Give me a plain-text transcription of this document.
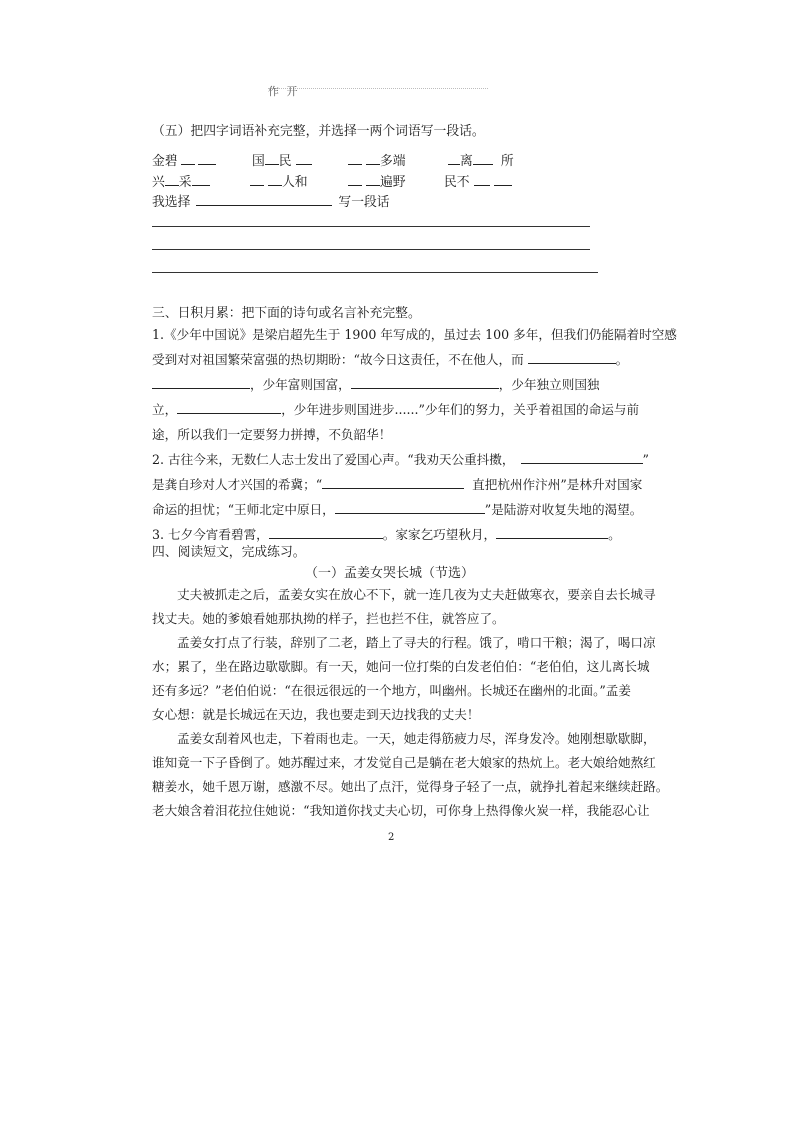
作 开
（五）把四字词语补充完整，并选择一两个词语写一段话。
金碧	国 民	多端	离 所
兴 采	人和	遍野	民不
我选择	写一段话
三、日积月累：把下面的诗句或名言补充完整。
1.《少年中国说》是梁启超先生于 1900 年写成的，虽过去 100 多年，但我们仍能隔着时空感
受到对对祖国繁荣富强的热切期盼：“故今日这责任，不在他人，而	。
，少年富则国富，	，少年独立则国独
立，	，少年进步则国进步......”少年们的努力，关乎着祖国的命运与前
途，所以我们一定要努力拼搏，不负韶华！
2. 古往今来，无数仁人志士发出了爱国心声。“我劝天公重抖擞，	”
是龚自珍对人才兴国的希冀；“	直把杭州作汴州”是林升对国家
命运的担忧；“王师北定中原日，	”是陆游对收复失地的渴望。
3. 七夕今宵看碧霄，	。家家乞巧望秋月，	。
四、阅读短文，完成练习。
（一）孟姜女哭长城（节选）
丈夫被抓走之后，孟姜女实在放心不下，就一连几夜为丈夫赶做寒衣，要亲自去长城寻
找丈夫。她的爹娘看她那执拗的样子，拦也拦不住，就答应了。
孟姜女打点了行装，辞别了二老，踏上了寻夫的行程。饿了，啃口干粮；渴了，喝口凉
水；累了，坐在路边歇歇脚。有一天，她问一位打柴的白发老伯伯：“老伯伯，这儿离长城
还有多远？”老伯伯说：“在很远很远的一个地方，叫幽州。长城还在幽州的北面。”孟姜
女心想：就是长城远在天边，我也要走到天边找我的丈夫！
孟姜女刮着风也走，下着雨也走。一天，她走得筋疲力尽，浑身发冷。她刚想歇歇脚，
谁知竟一下子昏倒了。她苏醒过来，才发觉自己是躺在老大娘家的热炕上。老大娘给她熬红
糖姜水，她千恩万谢，感激不尽。她出了点汗，觉得身子轻了一点，就挣扎着起来继续赶路。
老大娘含着泪花拉住她说：“我知道你找丈夫心切，可你身上热得像火炭一样，我能忍心让
2
